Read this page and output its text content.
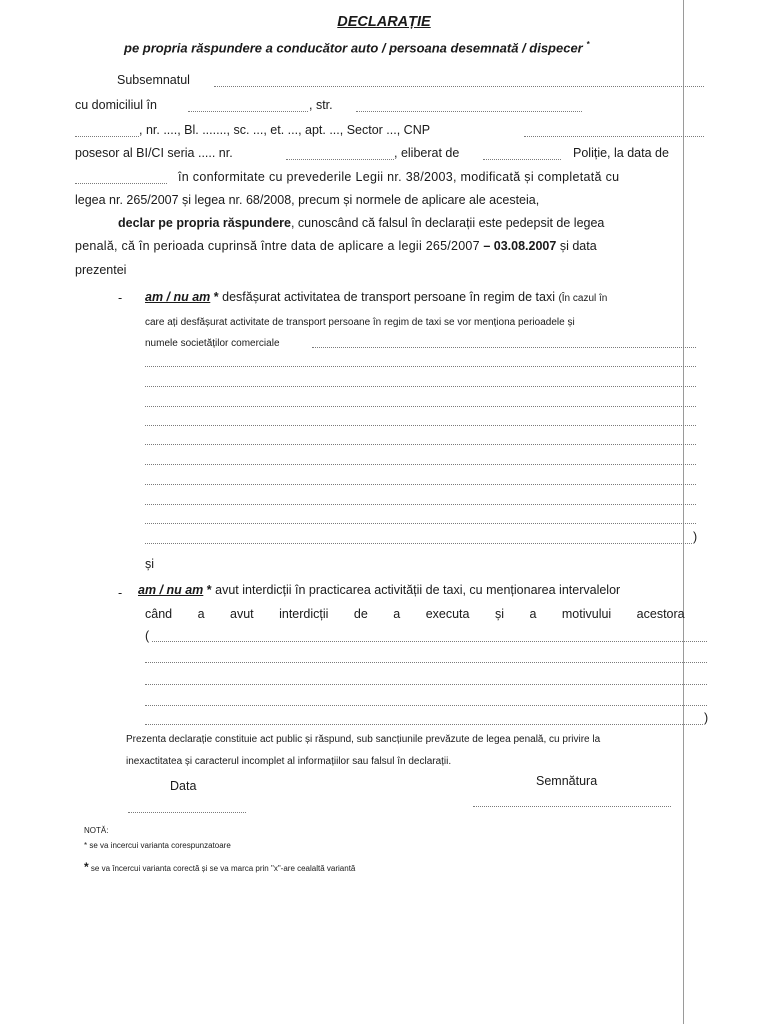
DECLARAȚIE
pe propria răspundere a conducător auto / persoana desemnată / dispecer *
Subsemnatul
cu domiciliul în	, str.
, nr. ...., Bl. ......., sc. ..., et. ..., apt. ..., Sector ..., CNP
posesor al BI/CI seria ..... nr.	, eliberat de	Poliție, la data de
în conformitate cu prevederile Legii nr. 38/2003, modificată și completată cu
legea nr. 265/2007 și legea nr. 68/2008, precum și normele de aplicare ale acesteia,
declar pe propria răspundere, cunoscând că falsul în declarații este pedepsit de legea
penală, că în perioada cuprinsă între data de aplicare a legii 265/2007 – 03.08.2007 și data
prezentei
- am / nu am * desfășurat activitatea de transport persoane în regim de taxi (În cazul în
care ați desfășurat activitate de transport persoane în regim de taxi se vor menționa perioadele și
numele societăților comerciale
)
și
- am / nu am * avut interdicții în practicarea activității de taxi, cu menționarea intervalelor
când a avut interdicții de a executa și a motivului acestora
(
)
Prezenta declarație constituie act public și răspund, sub sancțiunile prevăzute de legea penală, cu privire la
inexactitatea și caracterul incomplet al informațiilor sau falsul în declarații.
Data	Semnătura
NOTĂ:
* se va incercui varianta corespunzatoare
* se va încercui varianta corectă și se va marca prin "x"-are cealaltă variantă
